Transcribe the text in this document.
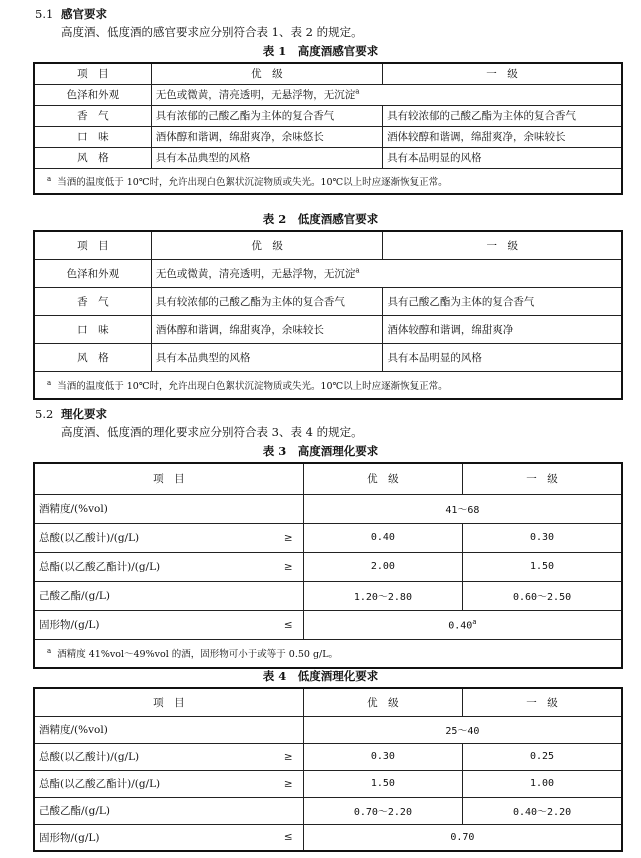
5.1 感官要求
高度酒、低度酒的感官要求应分别符合表 1、表 2 的规定。
表 1　高度酒感官要求
项　目	优　级	一　级
色泽和外观	无色或微黄，清亮透明，无悬浮物，无沉淀$^a$
香　气	具有浓郁的己酸乙酯为主体的复合香气	具有较浓郁的己酸乙酯为主体的复合香气
口　味	酒体醇和谐调，绵甜爽净，余味悠长	酒体较醇和谐调，绵甜爽净，余味较长
风　格	具有本品典型的风格	具有本品明显的风格
$^a$ 当酒的温度低于 10℃时，允许出现白色絮状沉淀物质或失光。10℃以上时应逐渐恢复正常。		
表 2　低度酒感官要求
项　目	优　级	一　级
色泽和外观	无色或微黄，清亮透明，无悬浮物，无沉淀$^a$
香　气	具有较浓郁的己酸乙酯为主体的复合香气	具有己酸乙酯为主体的复合香气
口　味	酒体醇和谐调，绵甜爽净，余味较长	酒体较醇和谐调，绵甜爽净
风　格	具有本品典型的风格	具有本品明显的风格
$^a$ 当酒的温度低于 10℃时，允许出现白色絮状沉淀物质或失光。10℃以上时应逐渐恢复正常。		
5.2 理化要求
高度酒、低度酒的理化要求应分别符合表 3、表 4 的规定。
表 3　高度酒理化要求
项　目		优　级	一　级
酒精度/(%vol)		41～68	
总酸(以乙酸计)/(g/L)	≥	0.40	0.30
总酯(以乙酸乙酯计)/(g/L)	≥	2.00	1.50
己酸乙酯/(g/L)		1.20～2.80	0.60～2.50
固形物/(g/L)	≤	0.40$^a$
$^a$ 酒精度 41%vol～49%vol 的酒，固形物可小于或等于 0.50 g/L。			
表 4　低度酒理化要求
项　目		优　级	一　级
酒精度/(%vol)		25～40	
总酸(以乙酸计)/(g/L)	≥	0.30	0.25
总酯(以乙酸乙酯计)/(g/L)	≥	1.50	1.00
己酸乙酯/(g/L)		0.70～2.20	0.40～2.20
固形物/(g/L)	≤	0.70	
